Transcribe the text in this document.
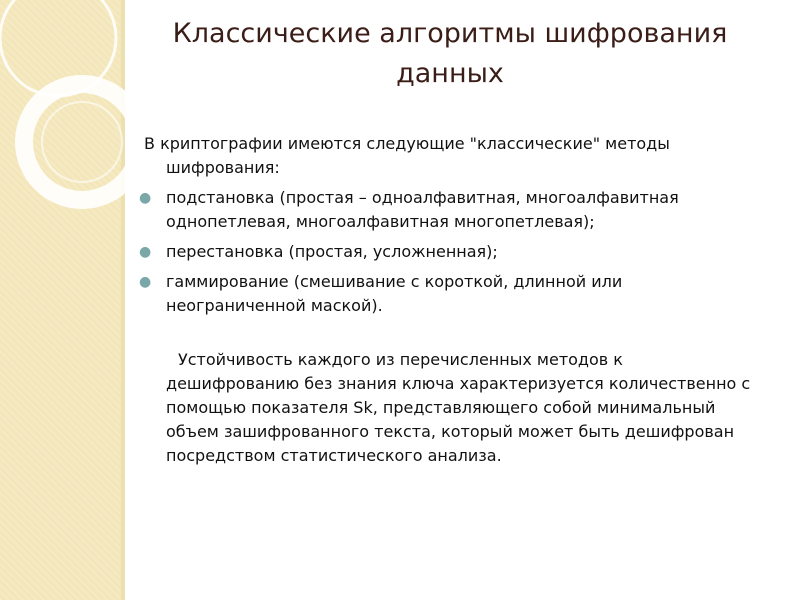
Классические алгоритмы шифрования данных

В криптографии имеются следующие "классические" методы шифрования:

● подстановка (простая – одноалфавитная, многоалфавитная однопетлевая, многоалфавитная многопетлевая);
● перестановка (простая, усложненная);
● гаммирование (смешивание с короткой, длинной или неограниченной маской).

Устойчивость каждого из перечисленных методов к дешифрованию без знания ключа характеризуется количественно с помощью показателя Sk, представляющего собой минимальный объем зашифрованного текста, который может быть дешифрован посредством статистического анализа.
